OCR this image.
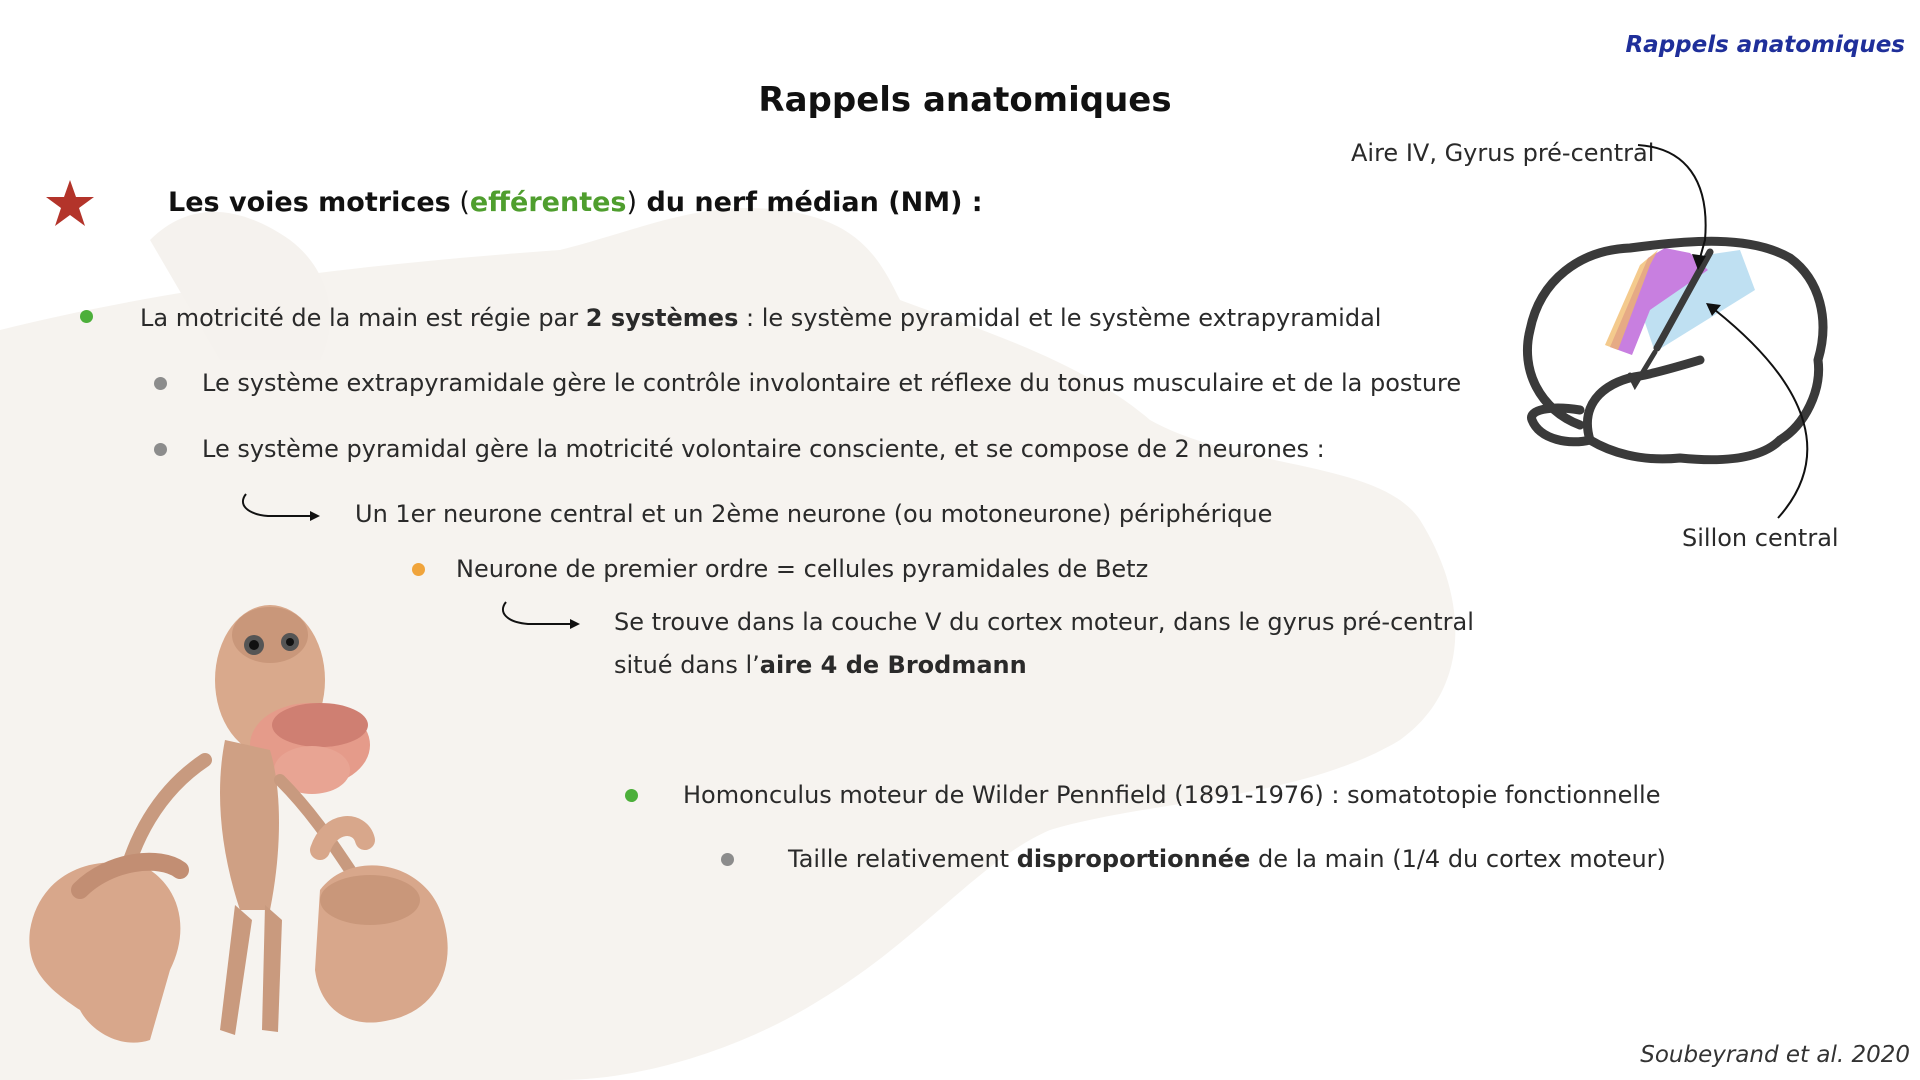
Rappels anatomiques
Rappels anatomiques
Les voies motrices (efférentes) du nerf médian (NM) :
La motricité de la main est régie par 2 systèmes : le système pyramidal et le système extrapyramidal
Le système extrapyramidale gère le contrôle involontaire et réflexe du tonus musculaire et de la posture
Le système pyramidal gère la motricité volontaire consciente, et se compose de 2 neurones :
Un 1er neurone central et un 2ème neurone (ou motoneurone) périphérique
Neurone de premier ordre = cellules pyramidales de Betz
Se trouve dans la couche V du cortex moteur, dans le gyrus pré-central
situé dans l’aire 4 de Brodmann
Homonculus moteur de Wilder Pennfield (1891-1976) : somatotopie fonctionnelle
Taille relativement disproportionnée de la main (1/4 du cortex moteur)
Aire IV, Gyrus pré-central
Sillon central
Soubeyrand et al. 2020
